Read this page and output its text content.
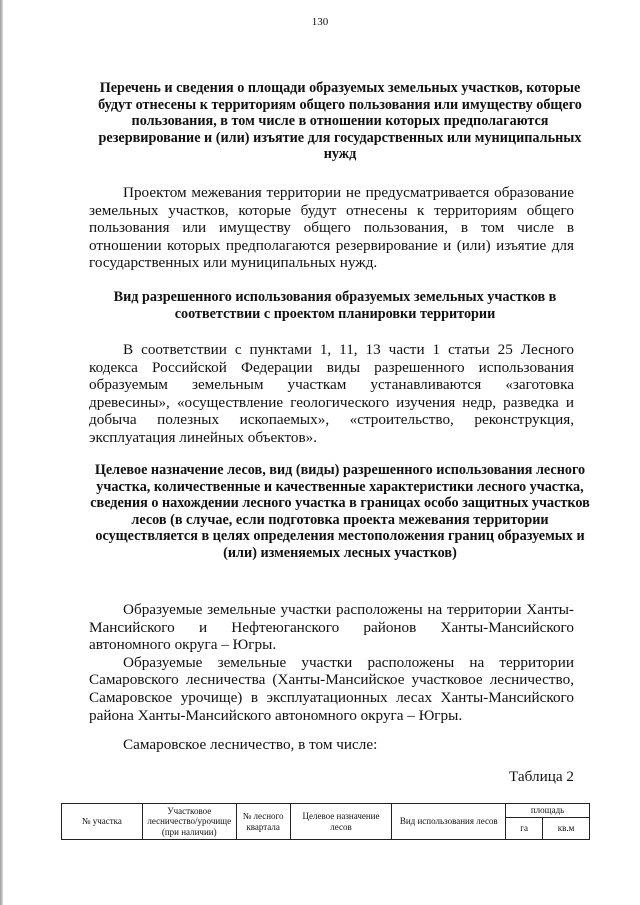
130
Перечень и сведения о площади образуемых земельных участков, которые будут отнесены к территориям общего пользования или имуществу общего пользования, в том числе в отношении которых предполагаются резервирование и (или) изъятие для государственных или муниципальных нужд

Проектом межевания территории не предусматривается образование земельных участков, которые будут отнесены к территориям общего пользования или имуществу общего пользования, в том числе в отношении которых предполагаются резервирование и (или) изъятие для государственных или муниципальных нужд.

Вид разрешенного использования образуемых земельных участков в соответствии с проектом планировки территории

В соответствии с пунктами 1, 11, 13 части 1 статьи 25 Лесного кодекса Российской Федерации виды разрешенного использования образуемым земельным участкам устанавливаются «заготовка древесины», «осуществление геологического изучения недр, разведка и добыча полезных ископаемых», «строительство, реконструкция, эксплуатация линейных объектов».

Целевое назначение лесов, вид (виды) разрешенного использования лесного участка, количественные и качественные характеристики лесного участка, сведения о нахождении лесного участка в границах особо защитных участков лесов (в случае, если подготовка проекта межевания территории осуществляется в целях определения местоположения границ образуемых и (или) изменяемых лесных участков)

Образуемые земельные участки расположены на территории Ханты-Мансийского и Нефтеюганского районов Ханты-Мансийского автономного округа – Югры.

Образуемые земельные участки расположены на территории Самаровского лесничества (Ханты-Мансийское участковое лесничество, Самаровское урочище) в эксплуатационных лесах Ханты-Мансийского района Ханты-Мансийского автономного округа – Югры.

Самаровское лесничество, в том числе:

Таблица 2
№ участка	Участковое лесничество/урочище (при наличии)	№ лесного квартала	Целевое назначение лесов	Вид использования лесов	площадь	
					га	кв.м
